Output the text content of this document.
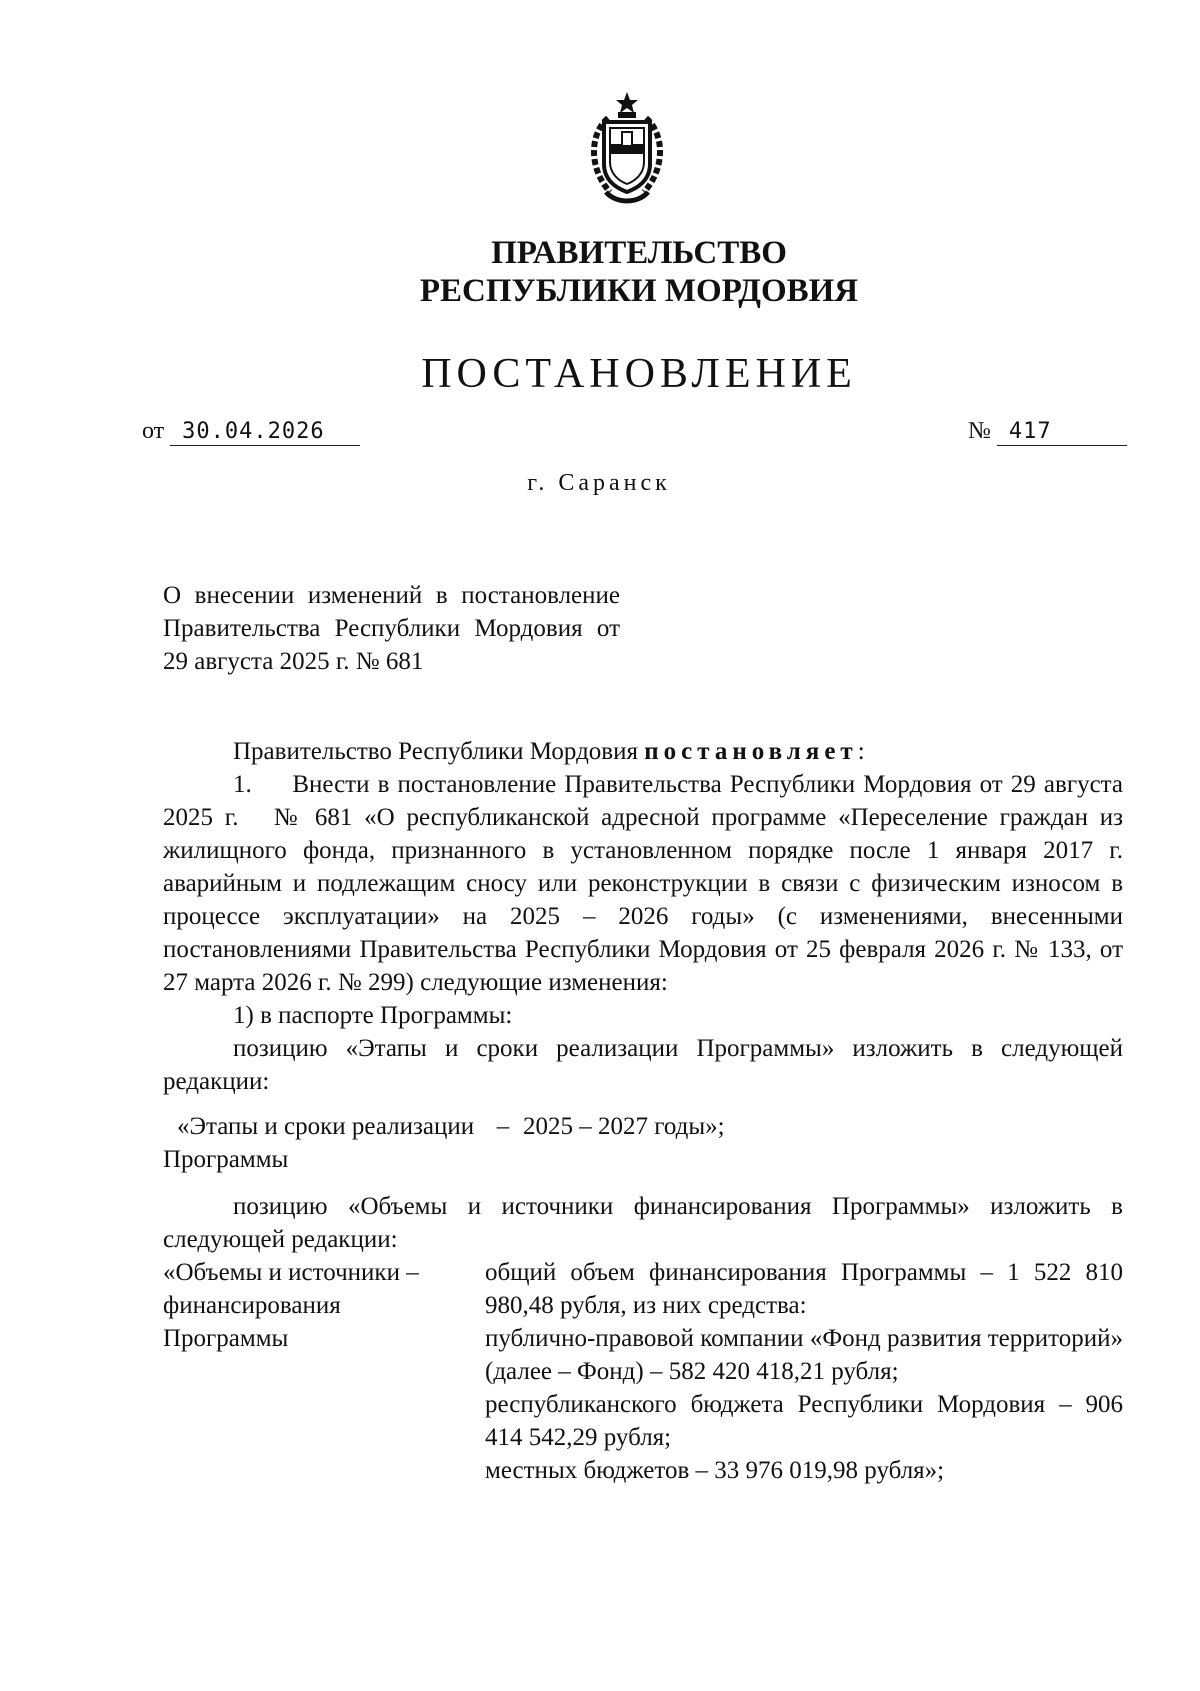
ПРАВИТЕЛЬСТВО
РЕСПУБЛИКИ МОРДОВИЯ
ПОСТАНОВЛЕНИЕ
от 30.04.2026	№ 417
г. Саранск
О внесении изменений в постановление Правительства Республики Мордовия от 29 августа 2025 г. № 681

Правительство Республики Мордовия постановляет:

1.     Внести в постановление Правительства Республики Мордовия от 29 августа 2025 г.   № 681 «О республиканской адресной программе «Переселение граждан из жилищного фонда, признанного в установленном порядке после 1 января 2017 г. аварийным и подлежащим сносу или реконструкции в связи с физическим износом в процессе эксплуатации» на 2025 – 2026 годы» (с изменениями, внесенными постановлениями Правительства Республики Мордовия от 25 февраля 2026 г. № 133, от 27 марта 2026 г. № 299) следующие изменения:

1) в паспорте Программы:

позицию «Этапы и сроки реализации Программы» изложить в следующей редакции:

«Этапы и сроки реализации – 2025 – 2027 годы»;
Программы

позицию «Объемы и источники финансирования Программы» изложить в следующей редакции:

«Объемы и источники –
финансирования
Программы

общий объем финансирования Программы – 1 522 810 980,48 рубля, из них средства:

публично-правовой компании «Фонд развития территорий» (далее – Фонд) – 582 420 418,21 рубля;

республиканского бюджета Республики Мордовия – 906 414 542,29 рубля;

местных бюджетов – 33 976 019,98 рубля»;
